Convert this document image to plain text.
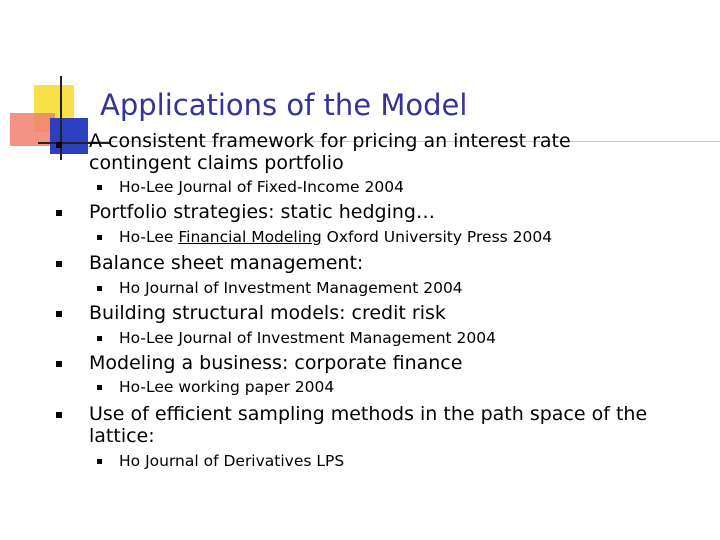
Applications of the Model
A consistent framework for pricing an interest rate contingent claims portfolio
Ho-Lee Journal of Fixed-Income 2004
Portfolio strategies: static hedging…
Ho-Lee Financial Modeling Oxford University Press 2004
Balance sheet management:
Ho Journal of Investment Management 2004
Building structural models: credit risk
Ho-Lee Journal of Investment Management 2004
Modeling a business: corporate finance
Ho-Lee working paper 2004
Use of efficient sampling methods in the path space of the lattice:
Ho Journal of Derivatives LPS
